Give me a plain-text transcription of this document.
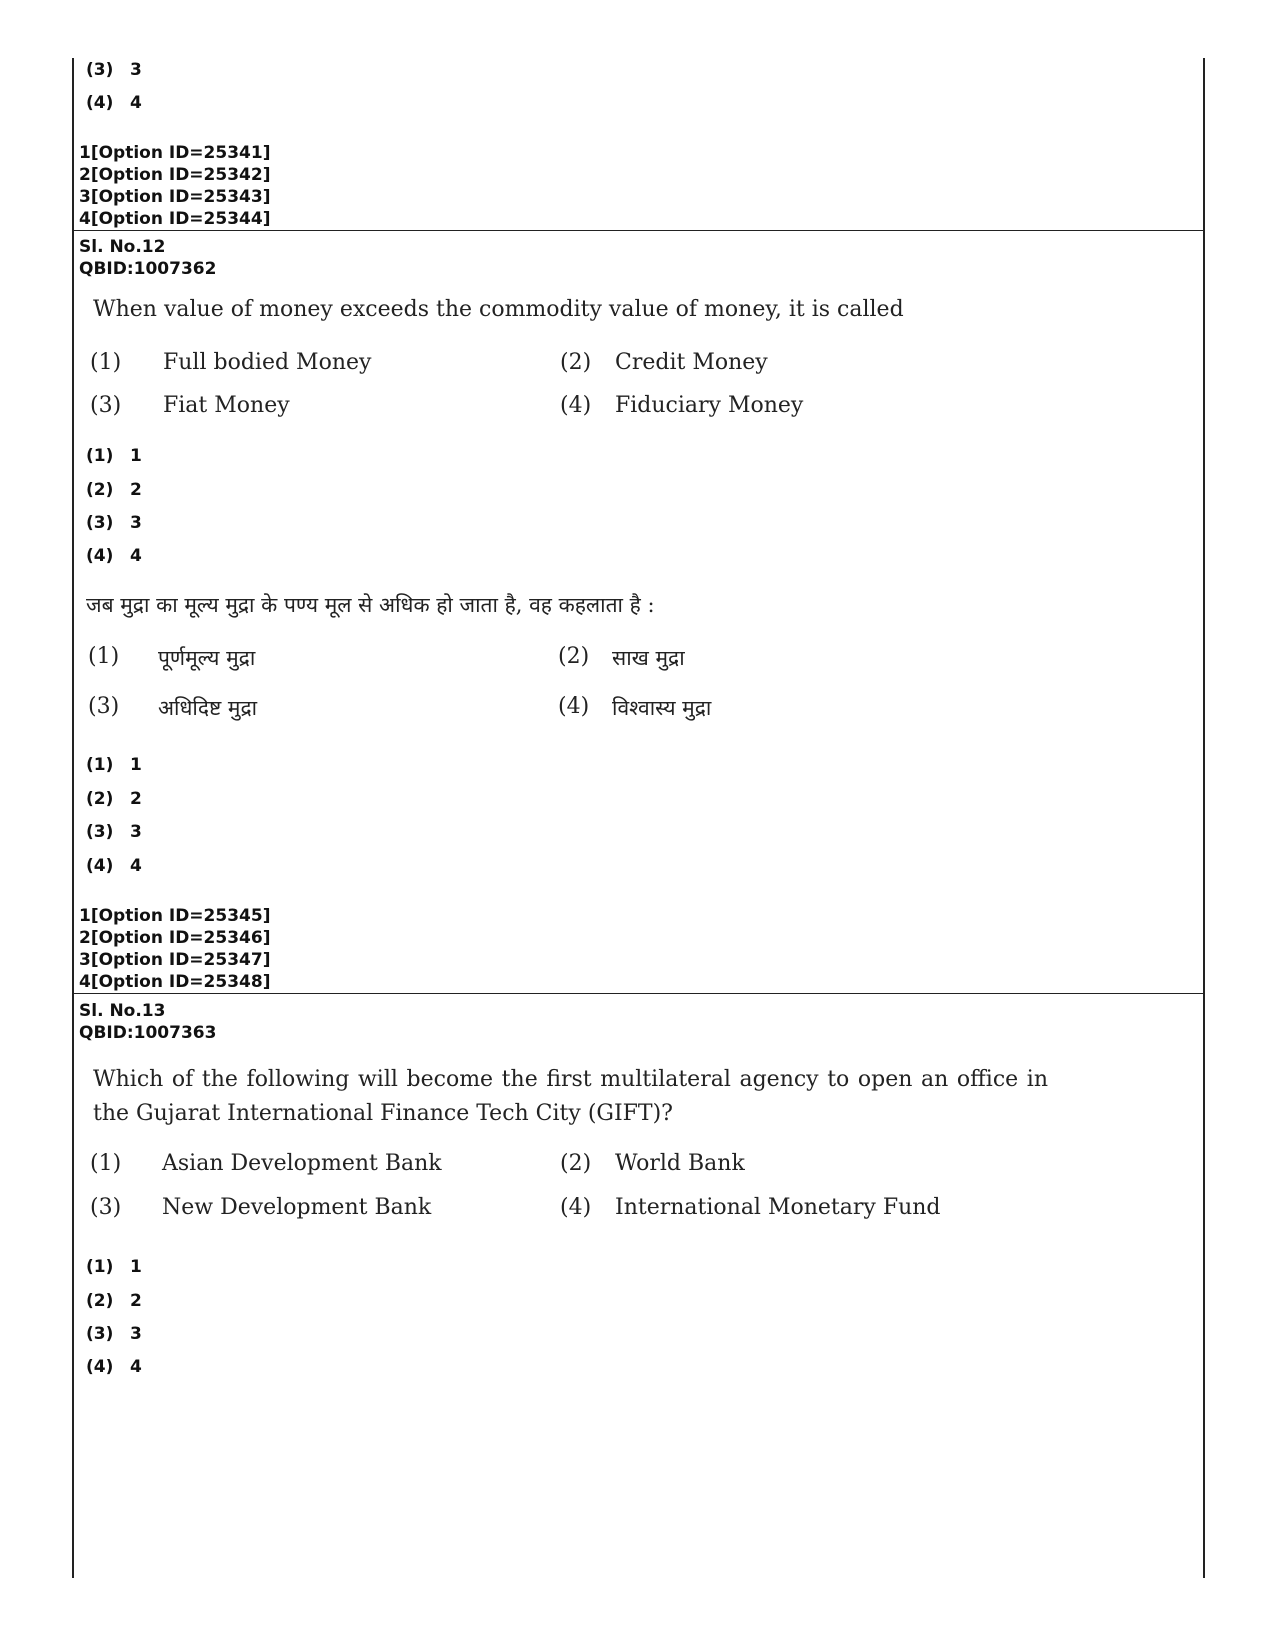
(3) 3
(4) 4
1[Option ID=25341]
2[Option ID=25342]
3[Option ID=25343]
4[Option ID=25344]
Sl. No.12
QBID:1007362
When value of money exceeds the commodity value of money, it is called
(1) Full bodied Money	(2) Credit Money
(3) Fiat Money	(4) Fiduciary Money
(1) 1
(2) 2
(3) 3
(4) 4
जब मुद्रा का मूल्य मुद्रा के पण्य मूल से अधिक हो जाता है, वह कहलाता है :
(1) पूर्णमूल्य मुद्रा	(2) साख मुद्रा
(3) अधिदिष्ट मुद्रा	(4) विश्वास्य मुद्रा
(1) 1
(2) 2
(3) 3
(4) 4
1[Option ID=25345]
2[Option ID=25346]
3[Option ID=25347]
4[Option ID=25348]
Sl. No.13
QBID:1007363
Which of the following will become the first multilateral agency to open an office in the Gujarat International Finance Tech City (GIFT)?
(1) Asian Development Bank	(2) World Bank
(3) New Development Bank	(4) International Monetary Fund
(1) 1
(2) 2
(3) 3
(4) 4
